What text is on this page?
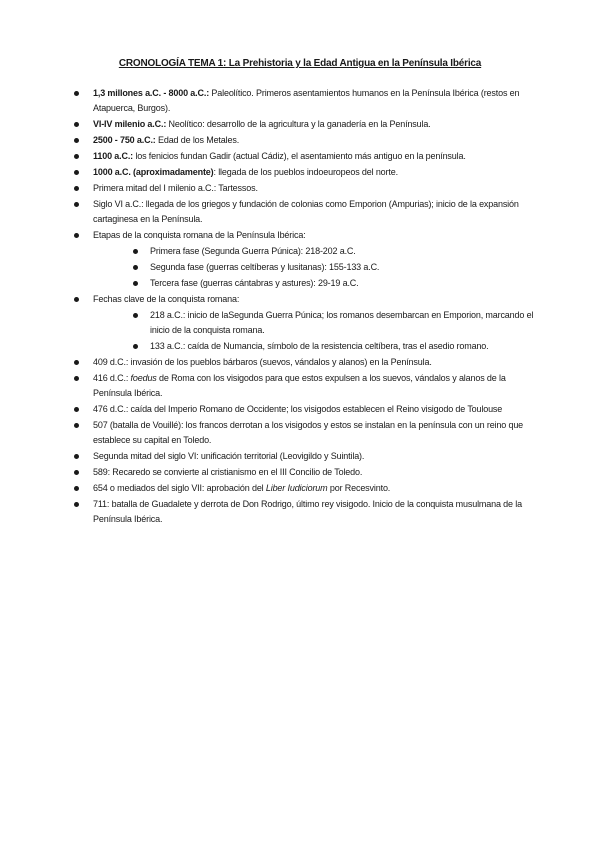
CRONOLOGÍA TEMA 1: La Prehistoria y la Edad Antigua en la Península Ibérica
1,3 millones a.C. - 8000 a.C.: Paleolítico. Primeros asentamientos humanos en la Península Ibérica (restos en Atapuerca, Burgos).
VI-IV milenio a.C.: Neolítico: desarrollo de la agricultura y la ganadería en la Península.
2500 - 750 a.C.: Edad de los Metales.
1100 a.C.: los fenicios fundan Gadir (actual Cádiz), el asentamiento más antiguo en la península.
1000 a.C. (aproximadamente): llegada de los pueblos indoeuropeos del norte.
Primera mitad del I milenio a.C.: Tartessos.
Siglo VI a.C.: llegada de los griegos y fundación de colonias como Emporion (Ampurias); inicio de la expansión cartaginesa en la Península.
Etapas de la conquista romana de la Península Ibérica:
Primera fase (Segunda Guerra Púnica): 218-202 a.C.
Segunda fase (guerras celtíberas y lusitanas): 155-133 a.C.
Tercera fase (guerras cántabras y astures): 29-19 a.C.
Fechas clave de la conquista romana:
218 a.C.: inicio de laSegunda Guerra Púnica; los romanos desembarcan en Emporion, marcando el inicio de la conquista romana.
133 a.C.: caída de Numancia, símbolo de la resistencia celtíbera, tras el asedio romano.
409 d.C.: invasión de los pueblos bárbaros (suevos, vándalos y alanos) en la Península.
416 d.C.: foedus de Roma con los visigodos para que estos expulsen a los suevos, vándalos y alanos de la Península Ibérica.
476 d.C.: caída del Imperio Romano de Occidente; los visigodos establecen el Reino visigodo de Toulouse
507 (batalla de Vouillé): los francos derrotan a los visigodos y estos se instalan en la península con un reino que establece su capital en Toledo.
Segunda mitad del siglo VI: unificación territorial (Leovigildo y Suintila).
589: Recaredo se convierte al cristianismo en el III Concilio de Toledo.
654 o mediados del siglo VII: aprobación del Liber Iudiciorum por Recesvinto.
711: batalla de Guadalete y derrota de Don Rodrigo, último rey visigodo. Inicio de la conquista musulmana de la Península Ibérica.
